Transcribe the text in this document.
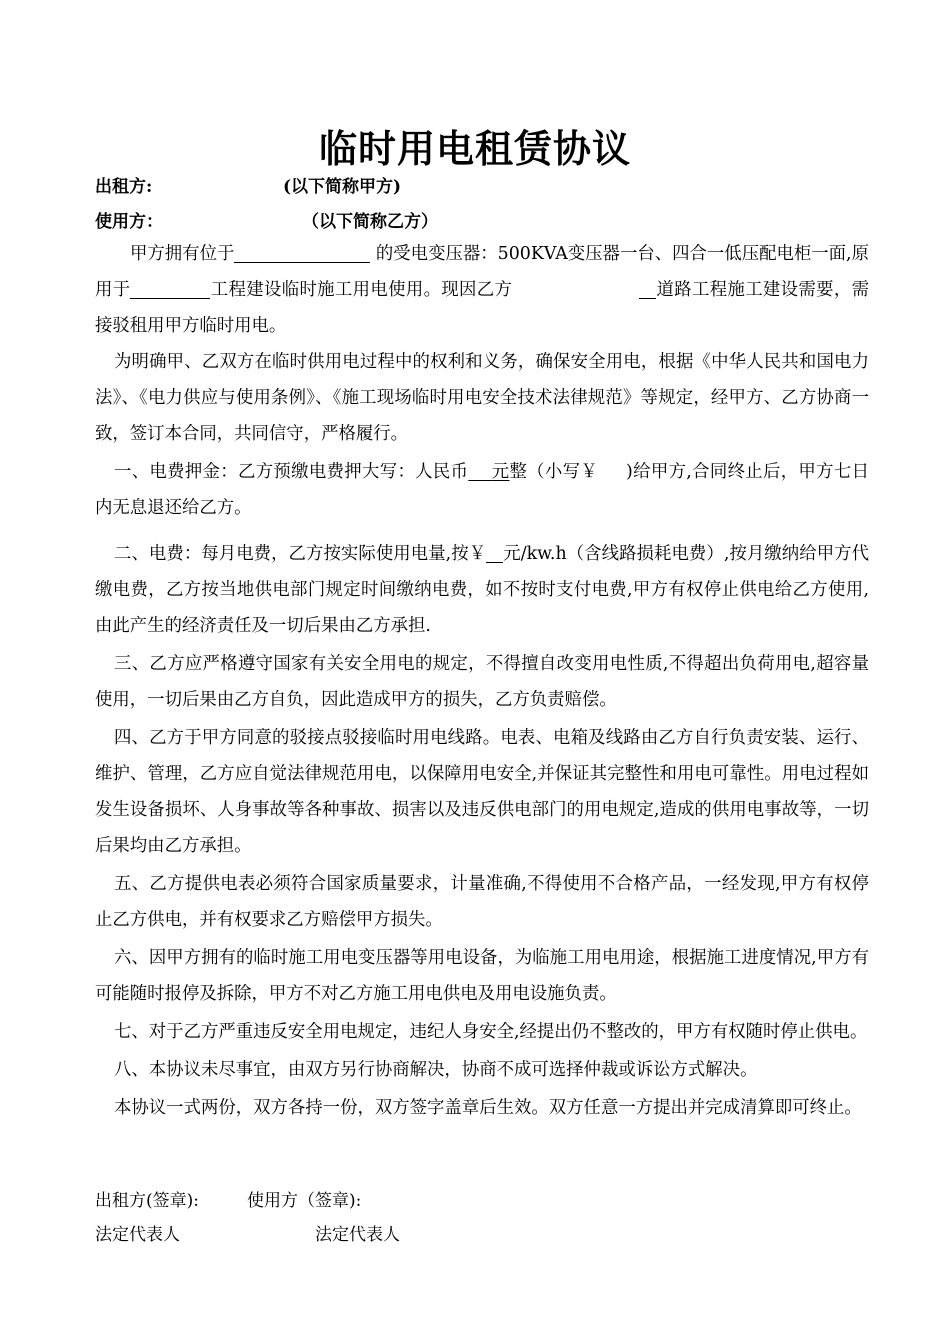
临时用电租赁协议
出租方:	(以下简称甲方)
使用方：	（以下简称乙方）

甲方拥有位于	的受电变压器：500KVA变压器一台、四合一低压配电柜一面,原用于	工程建设临时施工用电使用。现因乙方	道路工程施工建设需要，需接驳租用甲方临时用电。

为明确甲、乙双方在临时供用电过程中的权利和义务，确保安全用电，根据《中华人民共和国电力法》、《电力供应与使用条例》、《施工现场临时用电安全技术法律规范》等规定，经甲方、乙方协商一致，签订本合同，共同信守，严格履行。

一、电费押金：乙方预缴电费押大写：人民币 元整（小写￥ )给甲方,合同终止后，甲方七日内无息退还给乙方。

二、电费：每月电费，乙方按实际使用电量,按￥ 元/kw.h（含线路损耗电费）,按月缴纳给甲方代缴电费，乙方按当地供电部门规定时间缴纳电费，如不按时支付电费,甲方有权停止供电给乙方使用,由此产生的经济责任及一切后果由乙方承担.

三、乙方应严格遵守国家有关安全用电的规定，不得擅自改变用电性质,不得超出负荷用电,超容量使用，一切后果由乙方自负，因此造成甲方的损失，乙方负责赔偿。

四、乙方于甲方同意的驳接点驳接临时用电线路。电表、电箱及线路由乙方自行负责安装、运行、维护、管理，乙方应自觉法律规范用电，以保障用电安全,并保证其完整性和用电可靠性。用电过程如发生设备损坏、人身事故等各种事故、损害以及违反供电部门的用电规定,造成的供用电事故等，一切后果均由乙方承担。

五、乙方提供电表必须符合国家质量要求，计量准确,不得使用不合格产品，一经发现,甲方有权停止乙方供电，并有权要求乙方赔偿甲方损失。

六、因甲方拥有的临时施工用电变压器等用电设备，为临施工用电用途，根据施工进度情况,甲方有可能随时报停及拆除，甲方不对乙方施工用电供电及用电设施负责。

七、对于乙方严重违反安全用电规定，违纪人身安全,经提出仍不整改的，甲方有权随时停止供电。

八、本协议未尽事宜，由双方另行协商解决，协商不成可选择仲裁或诉讼方式解决。

本协议一式两份，双方各持一份，双方签字盖章后生效。双方任意一方提出并完成清算即可终止。

出租方(签章):	使用方（签章):
法定代表人	法定代表人
